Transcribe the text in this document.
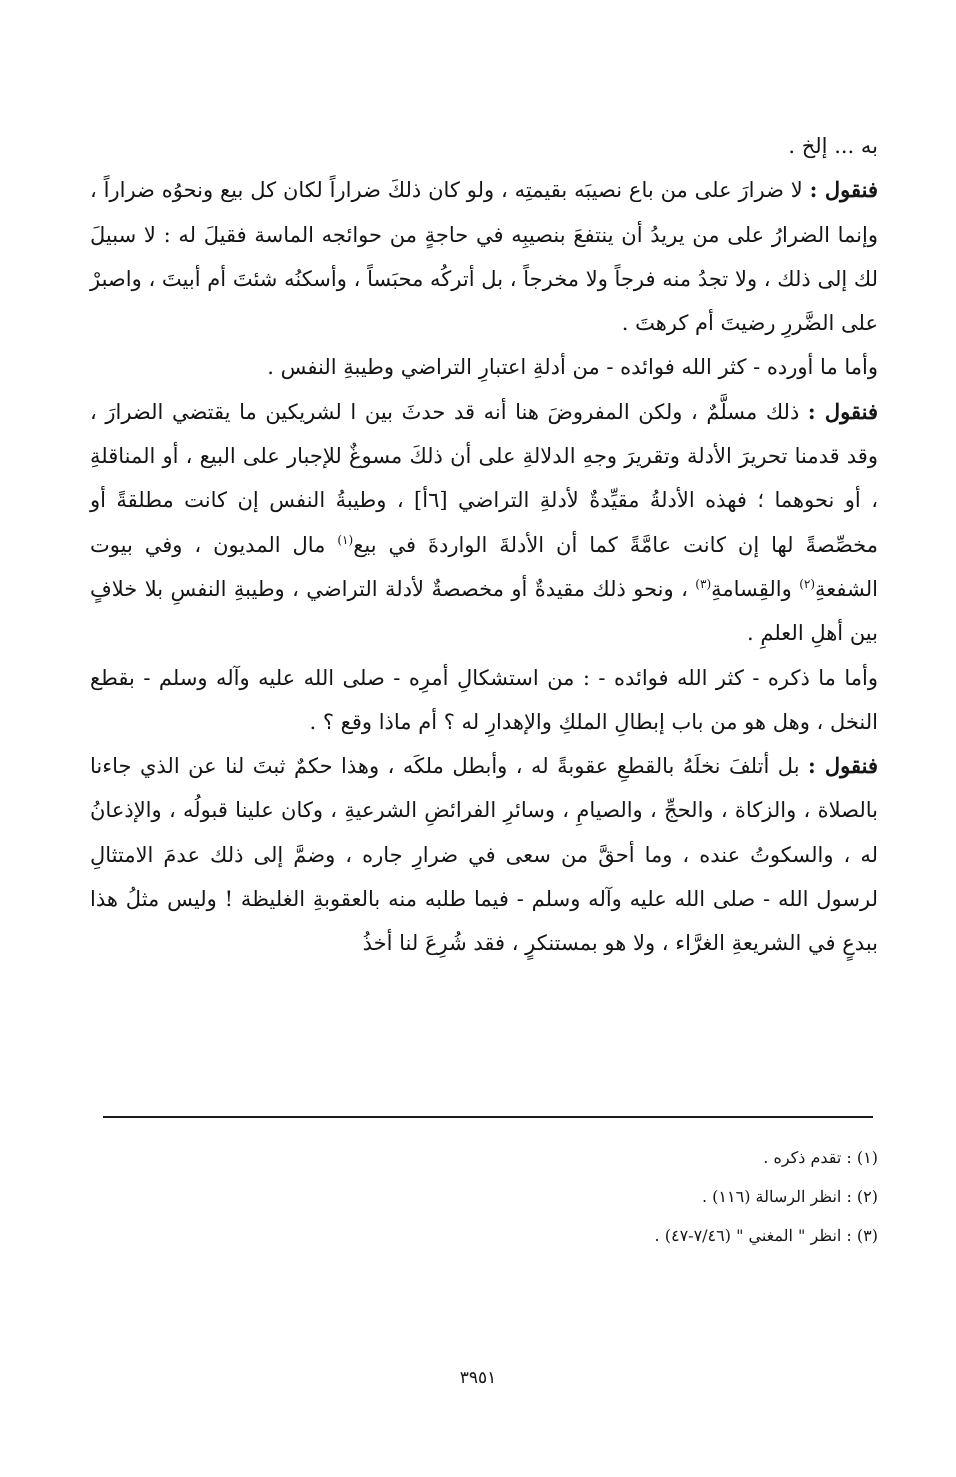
به ... إلخ .

فنقول : لا ضرارَ على من باع نصيبَه بقيمتِه ، ولو كان ذلكَ ضراراً لكان كل بيع ونحوُه ضراراً ، وإنما الضرارُ على من يريدُ أن ينتفعَ بنصيبِه في حاجةٍ من حوائجه الماسة فقيلَ له : لا سبيلَ لك إلى ذلك ، ولا تجدُ منه فرجاً ولا مخرجاً ، بل أتركُه محبَساً ، وأسكنُه شئتَ أم أبيتَ ، واصبرْ على الضَّررِ رضيتَ أم كرهتَ .

وأما ما أورده - كثر الله فوائده - من أدلةِ اعتبارِ التراضي وطيبةِ النفس .

فنقول : ذلك مسلَّمٌ ، ولكن المفروضَ هنا أنه قد حدثَ بين ا لشريكين ما يقتضي الضرارَ ، وقد قدمنا تحريرَ الأدلة وتقريرَ وجهِ الدلالةِ على أن ذلكَ مسوغٌ للإجبار على البيع ، أو المناقلةِ ، أو نحوهما ؛ فهذه الأدلةُ مقيِّدةٌ لأدلةِ التراضي [٦أ] ، وطيبةُ النفس إن كانت مطلقةً أو مخصِّصةً لها إن كانت عامَّةً كما أن الأدلةَ الواردةَ في بيع$^{(١)}$ مال المديون ، وفي بيوت الشفعةِ$^{(٢)}$ والقِسامةِ$^{(٣)}$ ، ونحو ذلك مقيدةٌ أو مخصصةٌ لأدلة التراضي ، وطيبةِ النفسِ بلا خلافٍ بين أهلِ العلمِ .

وأما ما ذكره - كثر الله فوائده - : من استشكالِ أمرِه - صلى الله عليه وآله وسلم - بقطع النخل ، وهل هو من باب إبطالِ الملكِ والإهدارِ له ؟ أم ماذا وقع ؟ .

فنقول : بل أتلفَ نخلَهُ بالقطعِ عقوبةً له ، وأبطل ملكَه ، وهذا حكمٌ ثبتَ لنا عن الذي جاءنا بالصلاة ، والزكاة ، والحجِّ ، والصيامِ ، وسائرِ الفرائضِ الشرعيةِ ، وكان علينا قبولُه ، والإذعانُ له ، والسكوتُ عنده ، وما أحقَّ من سعى في ضرارِ جاره ، وضمَّ إلى ذلك عدمَ الامتثالِ لرسول الله - صلى الله عليه وآله وسلم - فيما طلبه منه بالعقوبةِ الغليظة ! وليس مثلُ هذا ببدعٍ في الشريعةِ الغرَّاء ، ولا هو بمستنكرٍ ، فقد شُرِعَ لنا أخذُ

(١) : تقدم ذكره .

(٢) : انظر الرسالة (١١٦) .

(٣) : انظر " المغني " (٧/٤٦-٤٧) .

٣٩٥١
